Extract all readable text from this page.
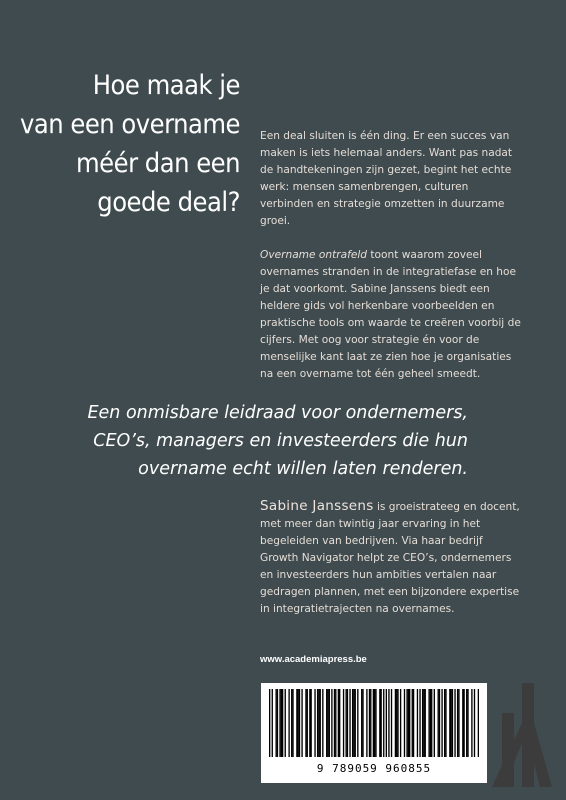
Hoe maak je
van een overname
méér dan een
goede deal?

Een deal sluiten is één ding. Er een succes van maken is iets helemaal anders. Want pas nadat de handtekeningen zijn gezet, begint het echte werk: mensen samenbrengen, culturen verbinden en strategie omzetten in duurzame groei.

Overname ontrafeld toont waarom zoveel overnames stranden in de integratiefase en hoe je dat voorkomt. Sabine Janssens biedt een heldere gids vol herkenbare voorbeelden en praktische tools om waarde te creëren voorbij de cijfers. Met oog voor strategie én voor de menselijke kant laat ze zien hoe je organisaties na een overname tot één geheel smeedt.

Een onmisbare leidraad voor ondernemers,
CEO’s, managers en investeerders die hun
overname echt willen laten renderen.
Sabine Janssens is groeistrateeg en docent, met meer dan twintig jaar ervaring in het begeleiden van bedrijven. Via haar bedrijf Growth Navigator helpt ze CEO’s, ondernemers en investeerders hun ambities vertalen naar gedragen plannen, met een bijzondere expertise in integratietrajecten na overnames.
www.academiapress.be
9 789059 960855
